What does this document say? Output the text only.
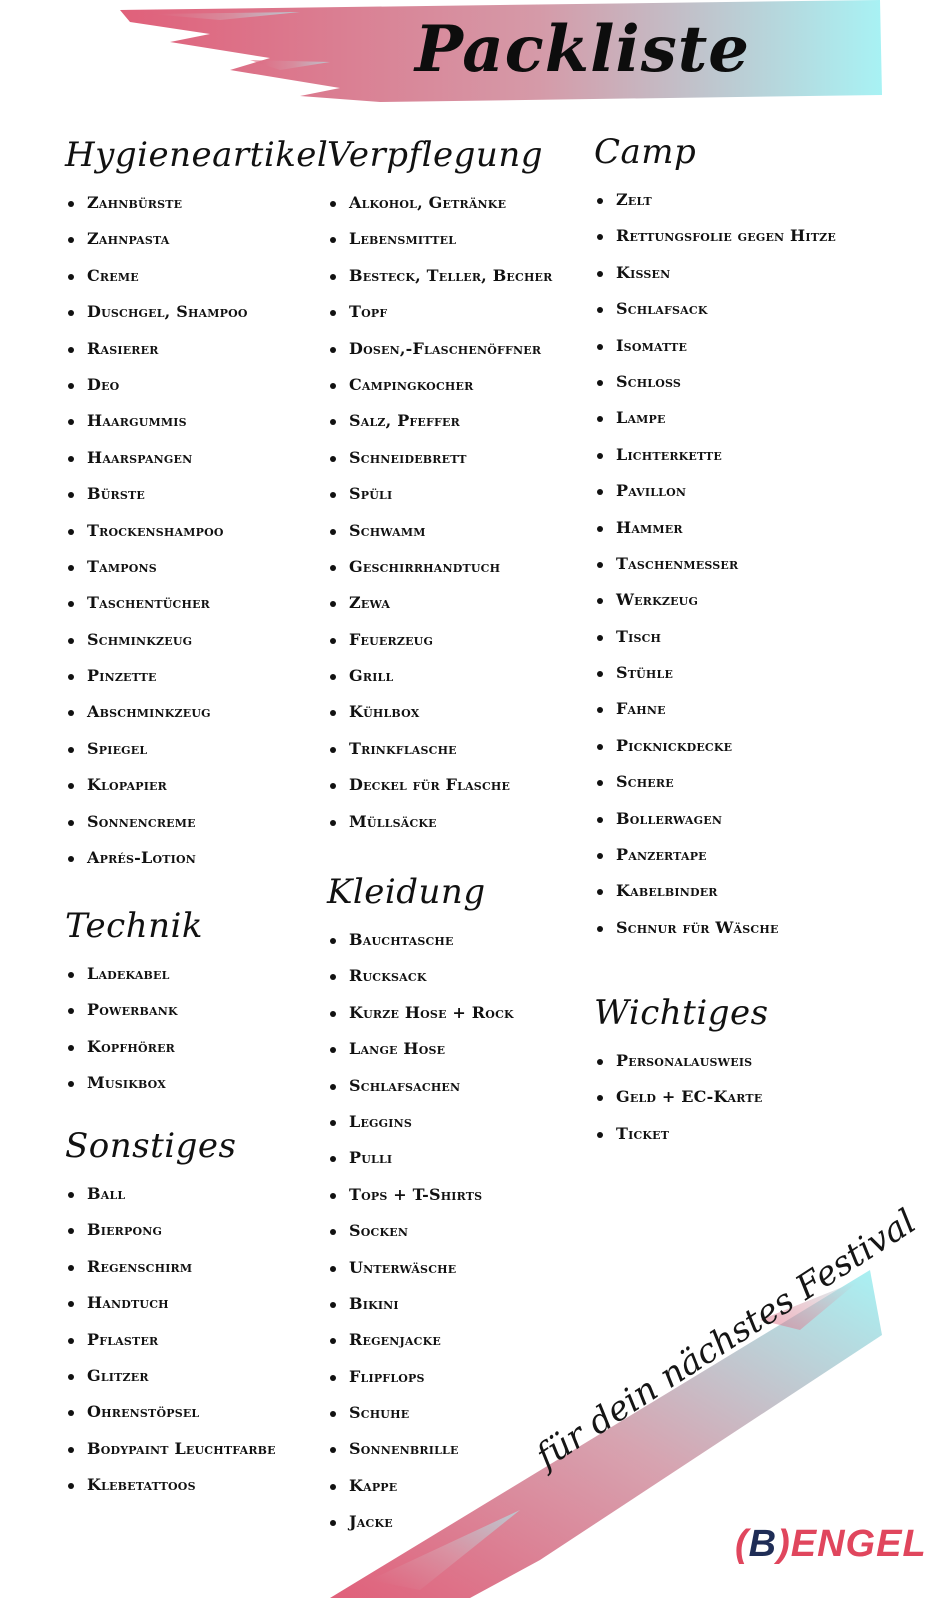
Packliste
Hygieneartikel
Zahnbürste
Zahnpasta
Creme
Duschgel, Shampoo
Rasierer
Deo
Haargummis
Haarspangen
Bürste
Trockenshampoo
Tampons
Taschentücher
Schminkzeug
Pinzette
Abschminkzeug
Spiegel
Klopapier
Sonnencreme
Aprés-Lotion
Technik
Ladekabel
Powerbank
Kopfhörer
Musikbox
Sonstiges
Ball
Bierpong
Regenschirm
Handtuch
Pflaster
Glitzer
Ohrenstöpsel
Bodypaint Leuchtfarbe
Klebetattoos
Verpflegung
Alkohol, Getränke
Lebensmittel
Besteck, Teller, Becher
Topf
Dosen,-Flaschenöffner
Campingkocher
Salz, Pfeffer
Schneidebrett
Spüli
Schwamm
Geschirrhandtuch
Zewa
Feuerzeug
Grill
Kühlbox
Trinkflasche
Deckel für Flasche
Müllsäcke
Kleidung
Bauchtasche
Rucksack
Kurze Hose + Rock
Lange Hose
Schlafsachen
Leggins
Pulli
Tops + T-Shirts
Socken
Unterwäsche
Bikini
Regenjacke
Flipflops
Schuhe
Sonnenbrille
Kappe
Jacke
Camp
Zelt
Rettungsfolie gegen Hitze
Kissen
Schlafsack
Isomatte
Schloss
Lampe
Lichterkette
Pavillon
Hammer
Taschenmesser
Werkzeug
Tisch
Stühle
Fahne
Picknickdecke
Schere
Bollerwagen
Panzertape
Kabelbinder
Schnur für Wäsche
Wichtiges
Personalausweis
Geld + EC-Karte
Ticket

für dein nächstes Festival

(B)ENGEL
